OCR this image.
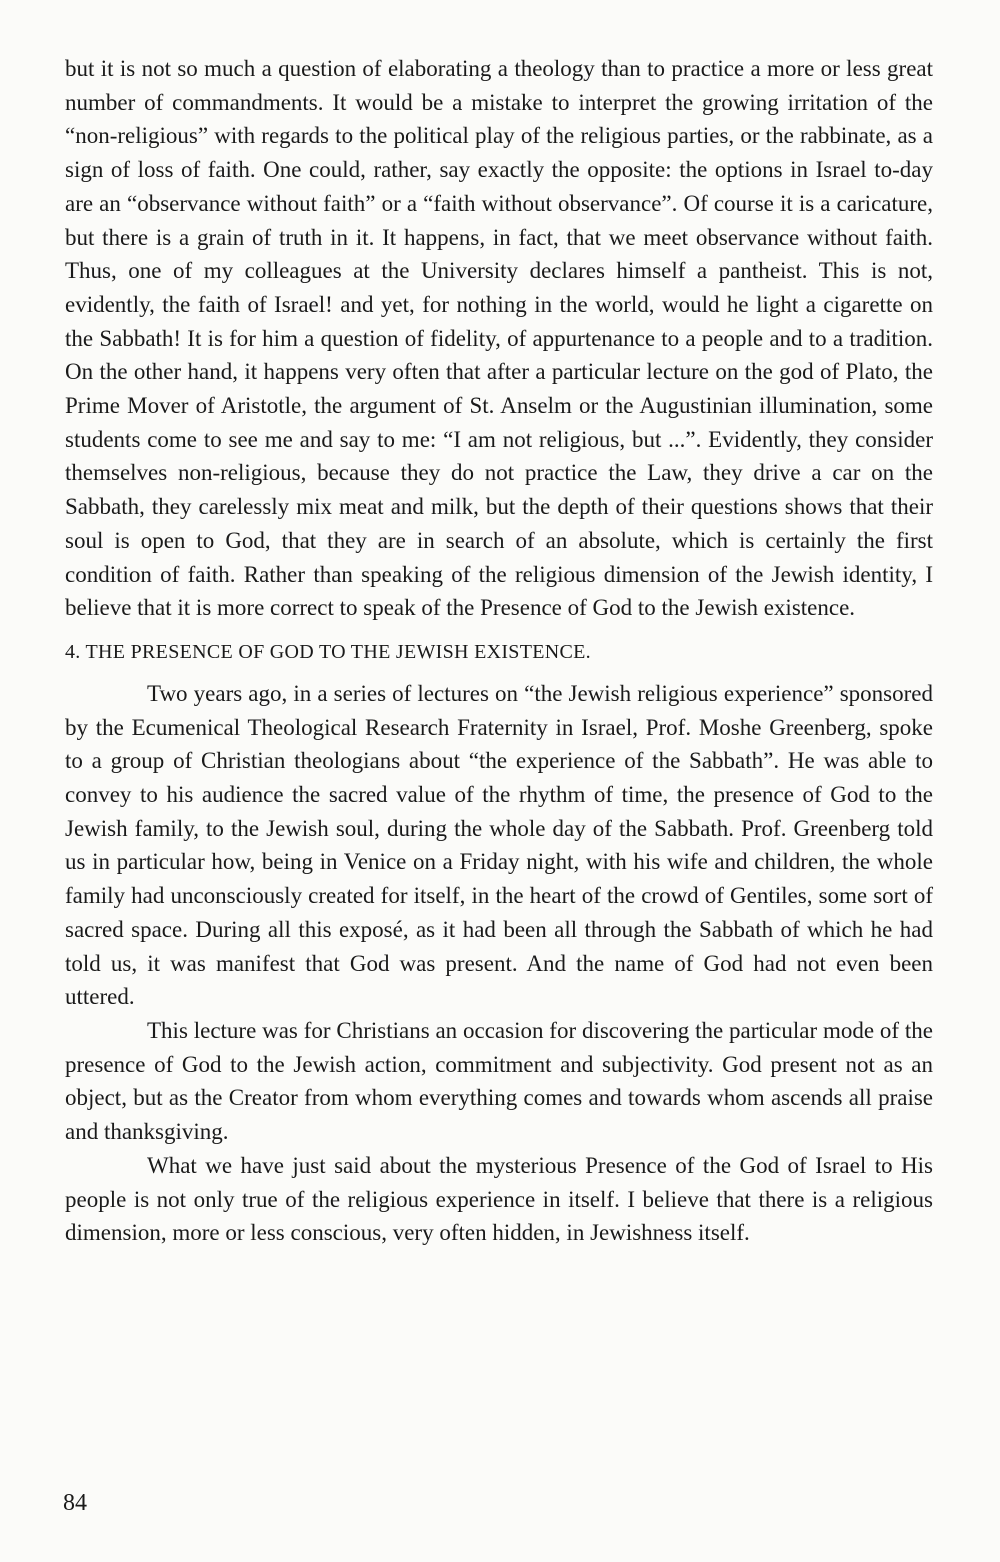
but it is not so much a question of elaborating a theology than to practice a more or less great number of commandments. It would be a mistake to interpret the growing irritation of the “non-religious” with regards to the political play of the religious parties, or the rabbinate, as a sign of loss of faith. One could, rather, say exactly the opposite: the options in Israel to-day are an “observance without faith” or a “faith without observance”. Of course it is a caricature, but there is a grain of truth in it. It happens, in fact, that we meet observance without faith. Thus, one of my colleagues at the University declares himself a pantheist. This is not, evidently, the faith of Israel! and yet, for nothing in the world, would he light a cigarette on the Sabbath! It is for him a question of fidelity, of appurtenance to a people and to a tradition. On the other hand, it happens very often that after a particular lecture on the god of Plato, the Prime Mover of Aristotle, the argument of St. Anselm or the Augustinian illumination, some students come to see me and say to me: “I am not religious, but ...”. Evidently, they consider themselves non-religious, because they do not practice the Law, they drive a car on the Sabbath, they carelessly mix meat and milk, but the depth of their questions shows that their soul is open to God, that they are in search of an absolute, which is certainly the first condition of faith. Rather than speaking of the religious dimension of the Jewish identity, I believe that it is more correct to speak of the Presence of God to the Jewish existence.

4. THE PRESENCE OF GOD TO THE JEWISH EXISTENCE.

Two years ago, in a series of lectures on “the Jewish religious experience” sponsored by the Ecumenical Theological Research Fraternity in Israel, Prof. Moshe Greenberg, spoke to a group of Christian theologians about “the experience of the Sabbath”. He was able to convey to his audience the sacred value of the rhythm of time, the presence of God to the Jewish family, to the Jewish soul, during the whole day of the Sabbath. Prof. Greenberg told us in particular how, being in Venice on a Friday night, with his wife and children, the whole family had unconsciously created for itself, in the heart of the crowd of Gentiles, some sort of sacred space. During all this exposé, as it had been all through the Sabbath of which he had told us, it was manifest that God was present. And the name of God had not even been uttered.

This lecture was for Christians an occasion for discovering the particular mode of the presence of God to the Jewish action, commitment and subjectivity. God present not as an object, but as the Creator from whom everything comes and towards whom ascends all praise and thanksgiving.

What we have just said about the mysterious Presence of the God of Israel to His people is not only true of the religious experience in itself. I believe that there is a religious dimension, more or less conscious, very often hidden, in Jewishness itself.

84
